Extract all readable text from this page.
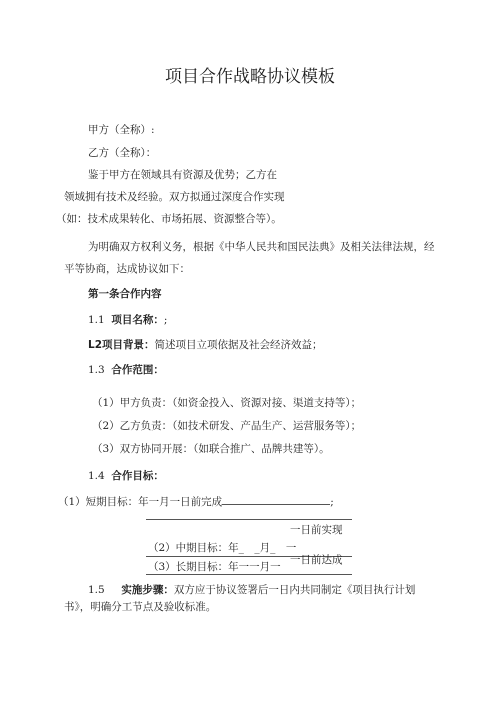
项目合作战略协议模板
甲方（全称）:
乙方（全称）：
鉴于甲方在领域具有资源及优势；乙方在
领域拥有技术及经验。双方拟通过深度合作实现
（如：技术成果转化、市场拓展、资源整合等）。
为明确双方权利义务，根据《中华人民共和国民法典》及相关法律法规，经
平等协商，达成协议如下：
第一条合作内容
1.1 项目名称：;
L2项目背景：简述项目立项依据及社会经济效益；
1.3 合作范围：
（1）甲方负责：（如资金投入、资源对接、渠道支持等）；
（2）乙方负责：（如技术研发、产品生产、运营服务等）；
（3）双方协同开展：（如联合推广、品牌共建等）。
1.4 合作目标：
（1）短期目标：年一月一日前完成	;
一日前实现
（2）中期目标：年_　_月_　一
一日前达成
（3）长期目标：年一一月一
1.5 实施步骤：双方应于协议签署后一日内共同制定《项目执行计划
书》，明确分工节点及验收标准。
